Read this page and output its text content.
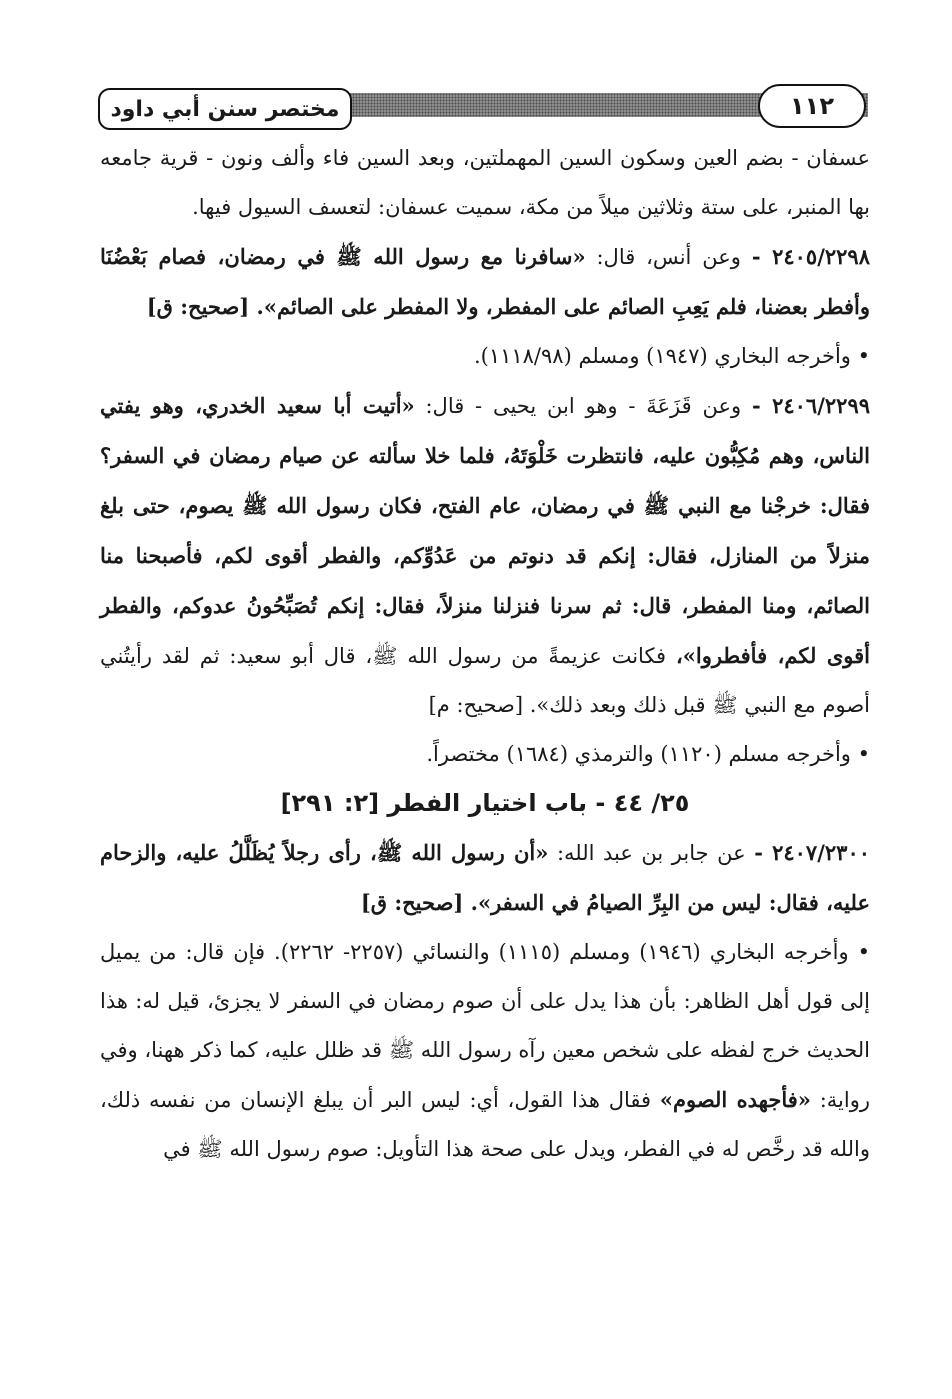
مختصر سنن أبي داود	١١٢

عسفان - بضم العين وسكون السين المهملتين، وبعد السين فاء وألف ونون - قرية جامعه بها المنبر، على ستة وثلاثين ميلاً من مكة، سميت عسفان: لتعسف السيول فيها.

٢٤٠٥/٢٢٩٨ - وعن أنس، قال: «سافرنا مع رسول الله ﷺ في رمضان، فصام بَعْضُنَا وأفطر بعضنا، فلم يَعِبِ الصائم على المفطر، ولا المفطر على الصائم». [صحيح: ق]

• وأخرجه البخاري (١٩٤٧) ومسلم (١١١٨/٩٨).

٢٤٠٦/٢٢٩٩ - وعن قَزَعَةَ - وهو ابن يحيى - قال: «أتيت أبا سعيد الخدري، وهو يفتي الناس، وهم مُكِبُّون عليه، فانتظرت خَلْوَتَهُ، فلما خلا سألته عن صيام رمضان في السفر؟ فقال: خرجْنا مع النبي ﷺ في رمضان، عام الفتح، فكان رسول الله ﷺ يصوم، حتى بلغ منزلاً من المنازل، فقال: إنكم قد دنوتم من عَدُوِّكم، والفطر أقوى لكم، فأصبحنا منا الصائم، ومنا المفطر، قال: ثم سرنا فنزلنا منزلاً، فقال: إنكم تُصَبِّحُونُ عدوكم، والفطر أقوى لكم، فأفطروا»، فكانت عزيمةً من رسول الله ﷺ، قال أبو سعيد: ثم لقد رأيتُني أصوم مع النبي ﷺ قبل ذلك وبعد ذلك». [صحيح: م]

• وأخرجه مسلم (١١٢٠) والترمذي (١٦٨٤) مختصراً.

٢٥/ ٤٤ - باب اختيار الفطر [٢: ٢٩١]

٢٤٠٧/٢٣٠٠ - عن جابر بن عبد الله: «أن رسول الله ﷺ، رأى رجلاً يُظَلَّلُ عليه، والزحام عليه، فقال: ليس من البِرِّ الصيامُ في السفر». [صحيح: ق]

• وأخرجه البخاري (١٩٤٦) ومسلم (١١١٥) والنسائي (٢٢٥٧- ٢٢٦٢). فإن قال: من يميل إلى قول أهل الظاهر: بأن هذا يدل على أن صوم رمضان في السفر لا يجزئ، قيل له: هذا الحديث خرج لفظه على شخص معين رآه رسول الله ﷺ قد ظلل عليه، كما ذكر ههنا، وفي رواية: «فأجهده الصوم» فقال هذا القول، أي: ليس البر أن يبلغ الإنسان من نفسه ذلك، والله قد رخَّص له في الفطر، ويدل على صحة هذا التأويل: صوم رسول الله ﷺ في
